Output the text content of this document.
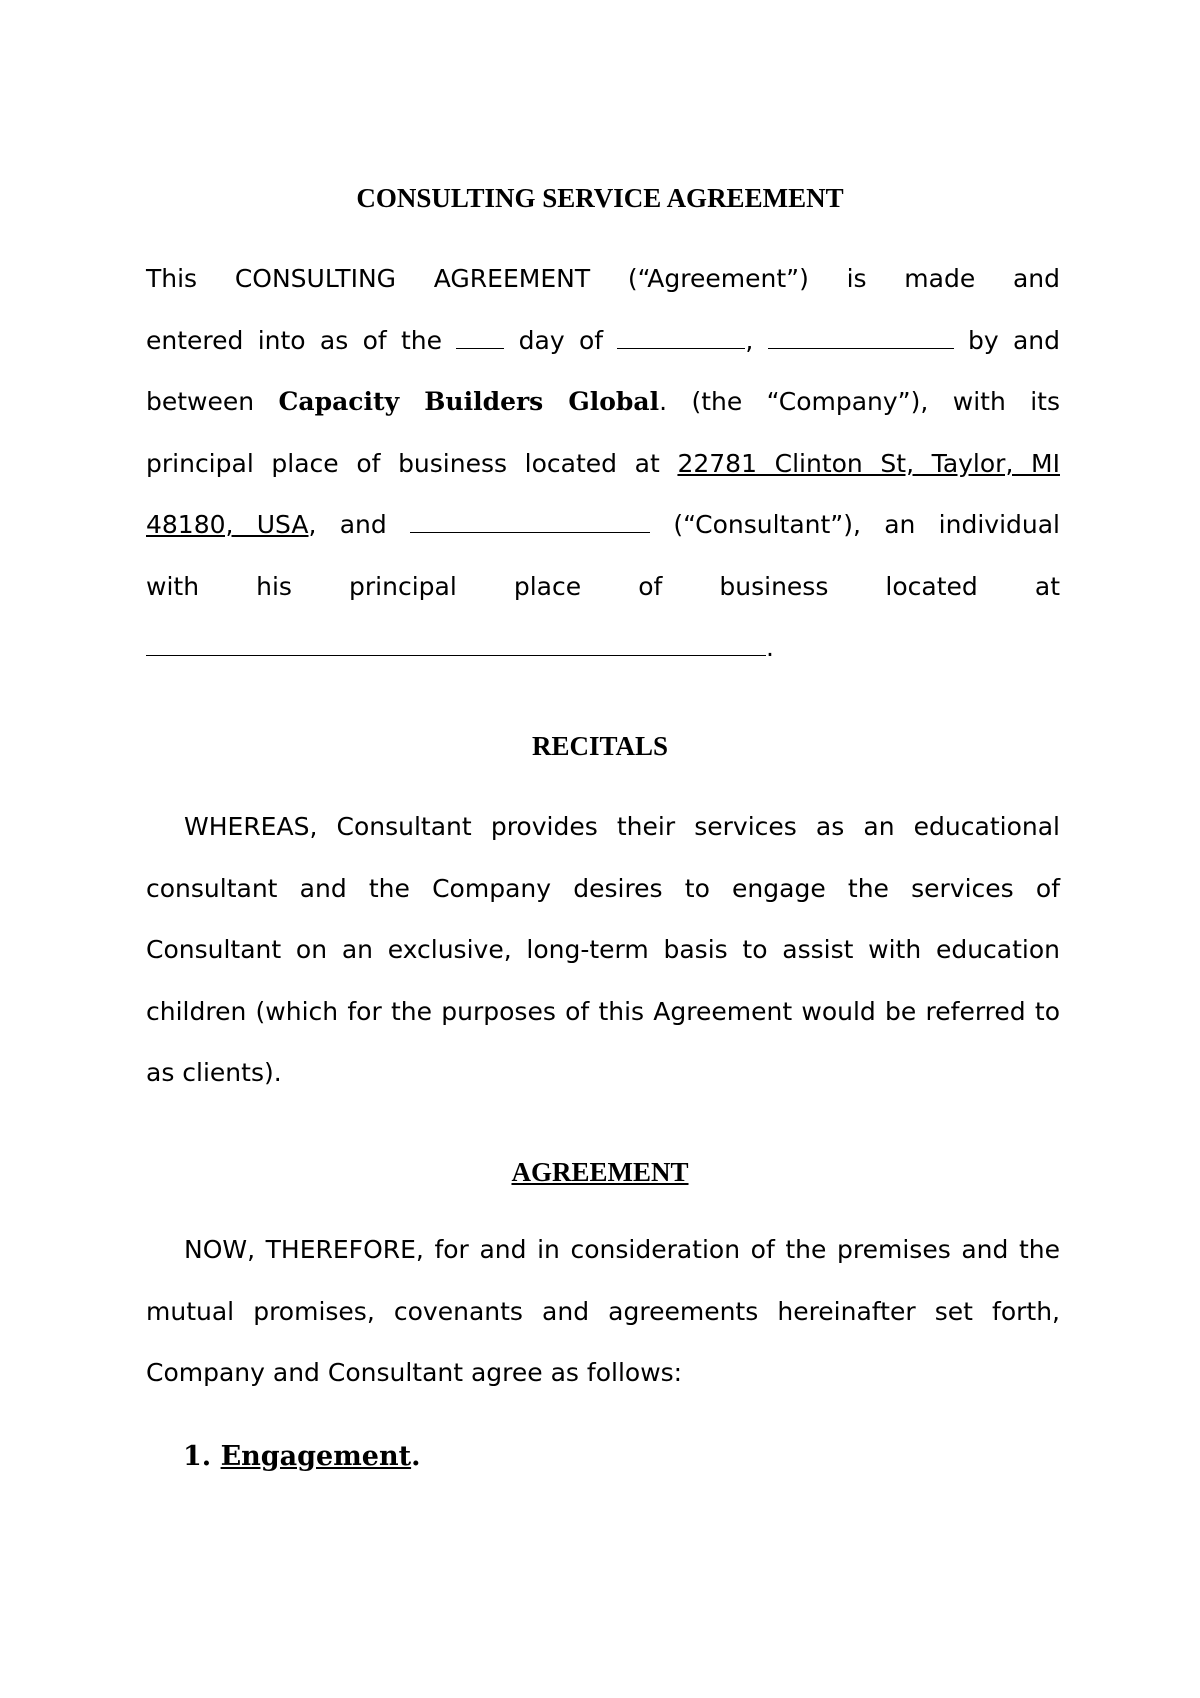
CONSULTING SERVICE AGREEMENT
This CONSULTING AGREEMENT (“Agreement”) is made and
entered into as of the  day of	,	by and
between Capacity Builders Global. (the “Company”), with its
principal place of business located at 22781 Clinton St, Taylor, MI
48180, USA, and	(“Consultant”), an individual
with his principal place of business located at
.
RECITALS
WHEREAS, Consultant provides their services as an educational consultant and the Company desires to engage the services of Consultant on an exclusive, long-term basis to assist with education children (which for the purposes of this Agreement would be referred to as clients).
AGREEMENT
NOW, THEREFORE, for and in consideration of the premises and the mutual promises, covenants and agreements hereinafter set forth, Company and Consultant agree as follows:
1. Engagement.
